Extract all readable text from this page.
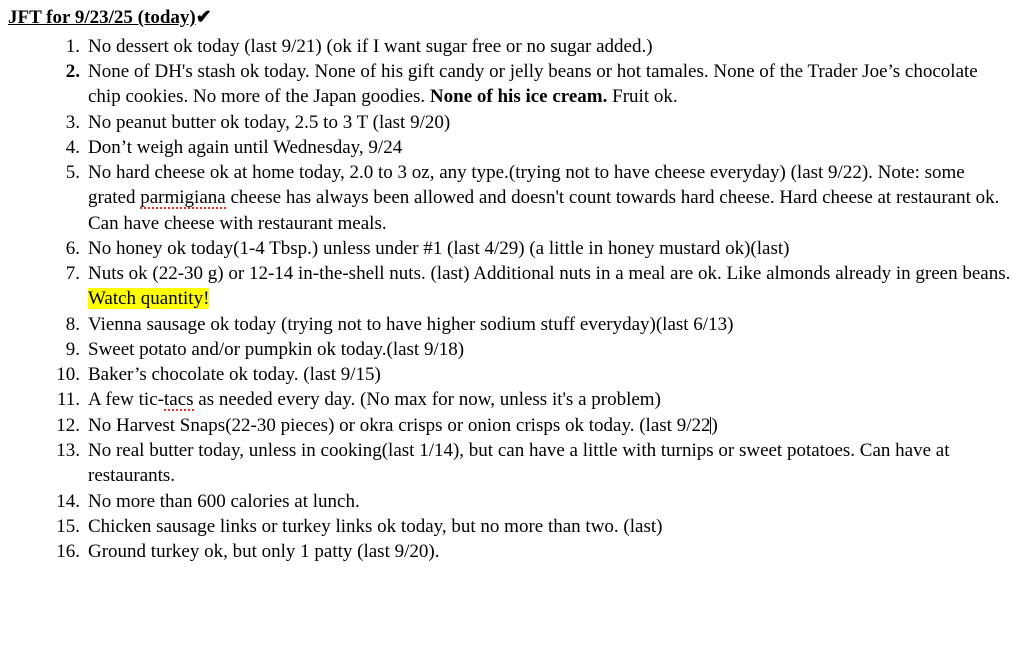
JFT for 9/23/25 (today)✔
1. No dessert ok today (last 9/21) (ok if I want sugar free or no sugar added.)
2. None of DH's stash ok today. None of his gift candy or jelly beans or hot tamales. None of the Trader Joe’s chocolate chip cookies. No more of the Japan goodies. None of his ice cream. Fruit ok.
3. No peanut butter ok today, 2.5 to 3 T (last 9/20)
4. Don’t weigh again until Wednesday, 9/24
5. No hard cheese ok at home today, 2.0 to 3 oz, any type.(trying not to have cheese everyday) (last 9/22). Note: some grated parmigiana cheese has always been allowed and doesn't count towards hard cheese. Hard cheese at restaurant ok. Can have cheese with restaurant meals.
6. No honey ok today(1-4 Tbsp.) unless under #1 (last 4/29) (a little in honey mustard ok)(last)
7. Nuts ok (22-30 g) or 12-14 in-the-shell nuts. (last) Additional nuts in a meal are ok. Like almonds already in green beans. Watch quantity!
8. Vienna sausage ok today (trying not to have higher sodium stuff everyday)(last 6/13)
9. Sweet potato and/or pumpkin ok today.(last 9/18)
10. Baker’s chocolate ok today. (last 9/15)
11. A few tic-tacs as needed every day. (No max for now, unless it's a problem)
12. No Harvest Snaps(22-30 pieces) or okra crisps or onion crisps ok today. (last 9/22)
13. No real butter today, unless in cooking(last 1/14), but can have a little with turnips or sweet potatoes. Can have at restaurants.
14. No more than 600 calories at lunch.
15. Chicken sausage links or turkey links ok today, but no more than two. (last)
16. Ground turkey ok, but only 1 patty (last 9/20).
